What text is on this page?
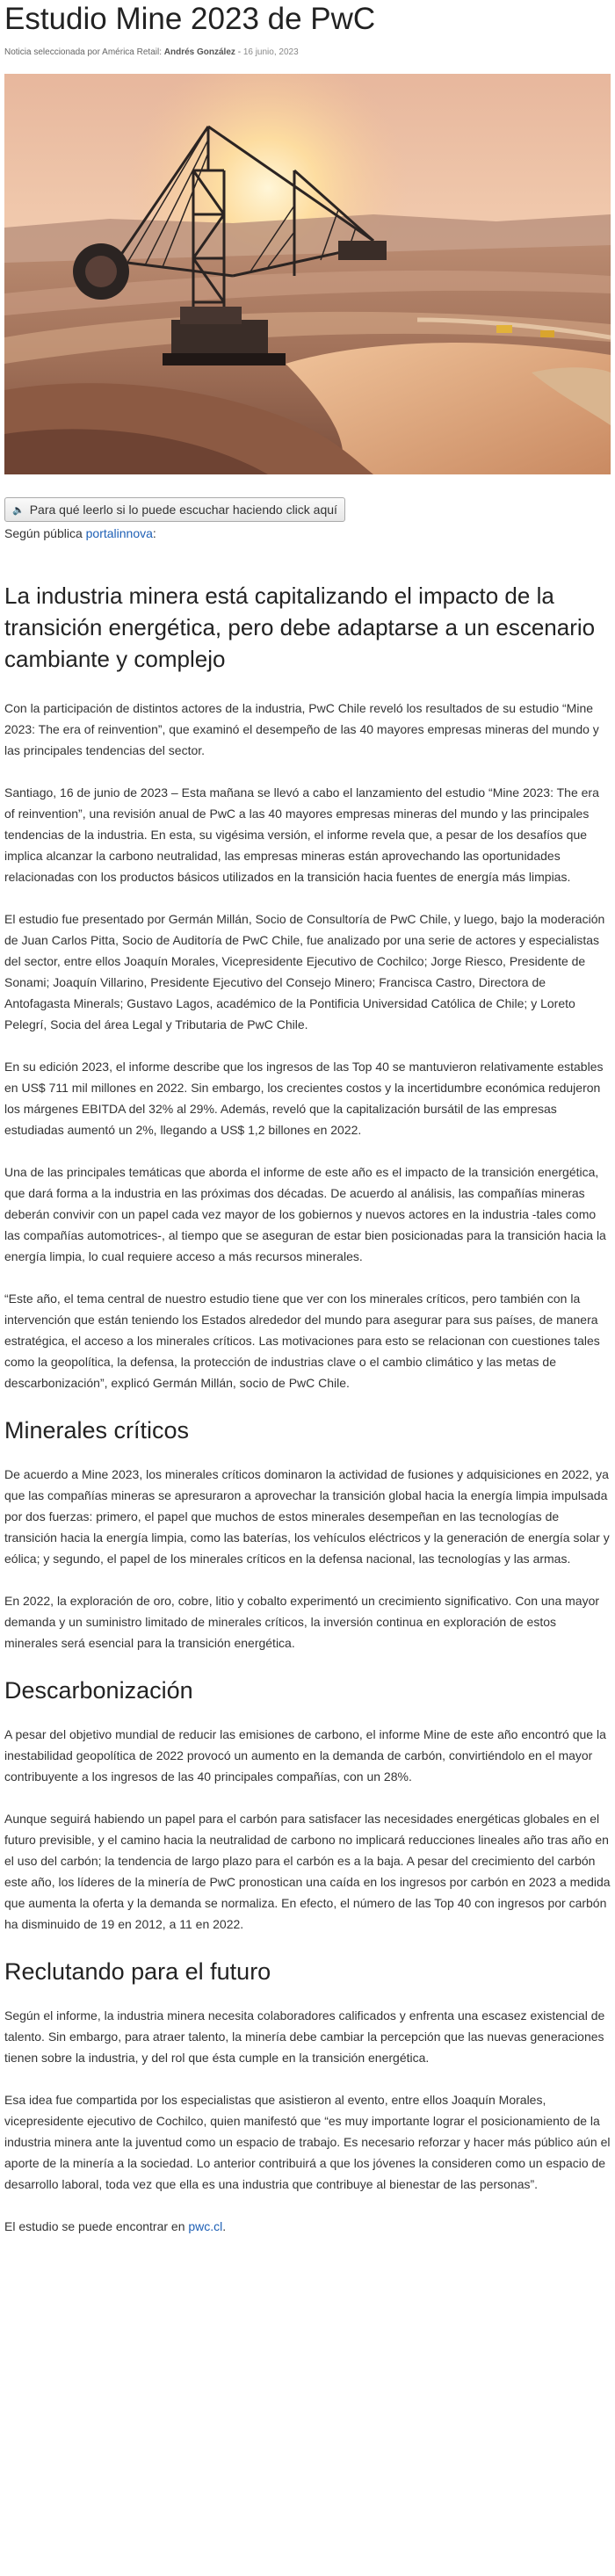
Estudio Mine 2023 de PwC
Noticia seleccionada por América Retail: Andrés González - 16 junio, 2023
🔈 Para qué leerlo si lo puede escuchar haciendo click aquí
Según pública portalinnova:
La industria minera está capitalizando el impacto de la transición energética, pero debe adaptarse a un escenario cambiante y complejo

Con la participación de distintos actores de la industria, PwC Chile reveló los resultados de su estudio “Mine 2023: The era of reinvention”, que examinó el desempeño de las 40 mayores empresas mineras del mundo y las principales tendencias del sector.

Santiago, 16 de junio de 2023 – Esta mañana se llevó a cabo el lanzamiento del estudio “Mine 2023: The era of reinvention”, una revisión anual de PwC a las 40 mayores empresas mineras del mundo y las principales tendencias de la industria. En esta, su vigésima versión, el informe revela que, a pesar de los desafíos que implica alcanzar la carbono neutralidad, las empresas mineras están aprovechando las oportunidades relacionadas con los productos básicos utilizados en la transición hacia fuentes de energía más limpias.

El estudio fue presentado por Germán Millán, Socio de Consultoría de PwC Chile, y luego, bajo la moderación de Juan Carlos Pitta, Socio de Auditoría de PwC Chile, fue analizado por una serie de actores y especialistas del sector, entre ellos Joaquín Morales, Vicepresidente Ejecutivo de Cochilco; Jorge Riesco, Presidente de Sonami; Joaquín Villarino, Presidente Ejecutivo del Consejo Minero; Francisca Castro, Directora de Antofagasta Minerals; Gustavo Lagos, académico de la Pontificia Universidad Católica de Chile; y Loreto Pelegrí, Socia del área Legal y Tributaria de PwC Chile.

En su edición 2023, el informe describe que los ingresos de las Top 40 se mantuvieron relativamente estables en US$ 711 mil millones en 2022. Sin embargo, los crecientes costos y la incertidumbre económica redujeron los márgenes EBITDA del 32% al 29%. Además, reveló que la capitalización bursátil de las empresas estudiadas aumentó un 2%, llegando a US$ 1,2 billones en 2022.

Una de las principales temáticas que aborda el informe de este año es el impacto de la transición energética, que dará forma a la industria en las próximas dos décadas. De acuerdo al análisis, las compañías mineras deberán convivir con un papel cada vez mayor de los gobiernos y nuevos actores en la industria -tales como las compañías automotrices-, al tiempo que se aseguran de estar bien posicionadas para la transición hacia la energía limpia, lo cual requiere acceso a más recursos minerales.

“Este año, el tema central de nuestro estudio tiene que ver con los minerales críticos, pero también con la intervención que están teniendo los Estados alrededor del mundo para asegurar para sus países, de manera estratégica, el acceso a los minerales críticos. Las motivaciones para esto se relacionan con cuestiones tales como la geopolítica, la defensa, la protección de industrias clave o el cambio climático y las metas de descarbonización”, explicó Germán Millán, socio de PwC Chile.

Minerales críticos

De acuerdo a Mine 2023, los minerales críticos dominaron la actividad de fusiones y adquisiciones en 2022, ya que las compañías mineras se apresuraron a aprovechar la transición global hacia la energía limpia impulsada por dos fuerzas: primero, el papel que muchos de estos minerales desempeñan en las tecnologías de transición hacia la energía limpia, como las baterías, los vehículos eléctricos y la generación de energía solar y eólica; y segundo, el papel de los minerales críticos en la defensa nacional, las tecnologías y las armas.

En 2022, la exploración de oro, cobre, litio y cobalto experimentó un crecimiento significativo. Con una mayor demanda y un suministro limitado de minerales críticos, la inversión continua en exploración de estos minerales será esencial para la transición energética.

Descarbonización

A pesar del objetivo mundial de reducir las emisiones de carbono, el informe Mine de este año encontró que la inestabilidad geopolítica de 2022 provocó un aumento en la demanda de carbón, convirtiéndolo en el mayor contribuyente a los ingresos de las 40 principales compañías, con un 28%.

Aunque seguirá habiendo un papel para el carbón para satisfacer las necesidades energéticas globales en el futuro previsible, y el camino hacia la neutralidad de carbono no implicará reducciones lineales año tras año en el uso del carbón; la tendencia de largo plazo para el carbón es a la baja. A pesar del crecimiento del carbón este año, los líderes de la minería de PwC pronostican una caída en los ingresos por carbón en 2023 a medida que aumenta la oferta y la demanda se normaliza. En efecto, el número de las Top 40 con ingresos por carbón ha disminuido de 19 en 2012, a 11 en 2022.

Reclutando para el futuro

Según el informe, la industria minera necesita colaboradores calificados y enfrenta una escasez existencial de talento. Sin embargo, para atraer talento, la minería debe cambiar la percepción que las nuevas generaciones tienen sobre la industria, y del rol que ésta cumple en la transición energética.

Esa idea fue compartida por los especialistas que asistieron al evento, entre ellos Joaquín Morales, vicepresidente ejecutivo de Cochilco, quien manifestó que “es muy importante lograr el posicionamiento de la industria minera ante la juventud como un espacio de trabajo. Es necesario reforzar y hacer más público aún el aporte de la minería a la sociedad. Lo anterior contribuirá a que los jóvenes la consideren como un espacio de desarrollo laboral, toda vez que ella es una industria que contribuye al bienestar de las personas”.

El estudio se puede encontrar en pwc.cl.
